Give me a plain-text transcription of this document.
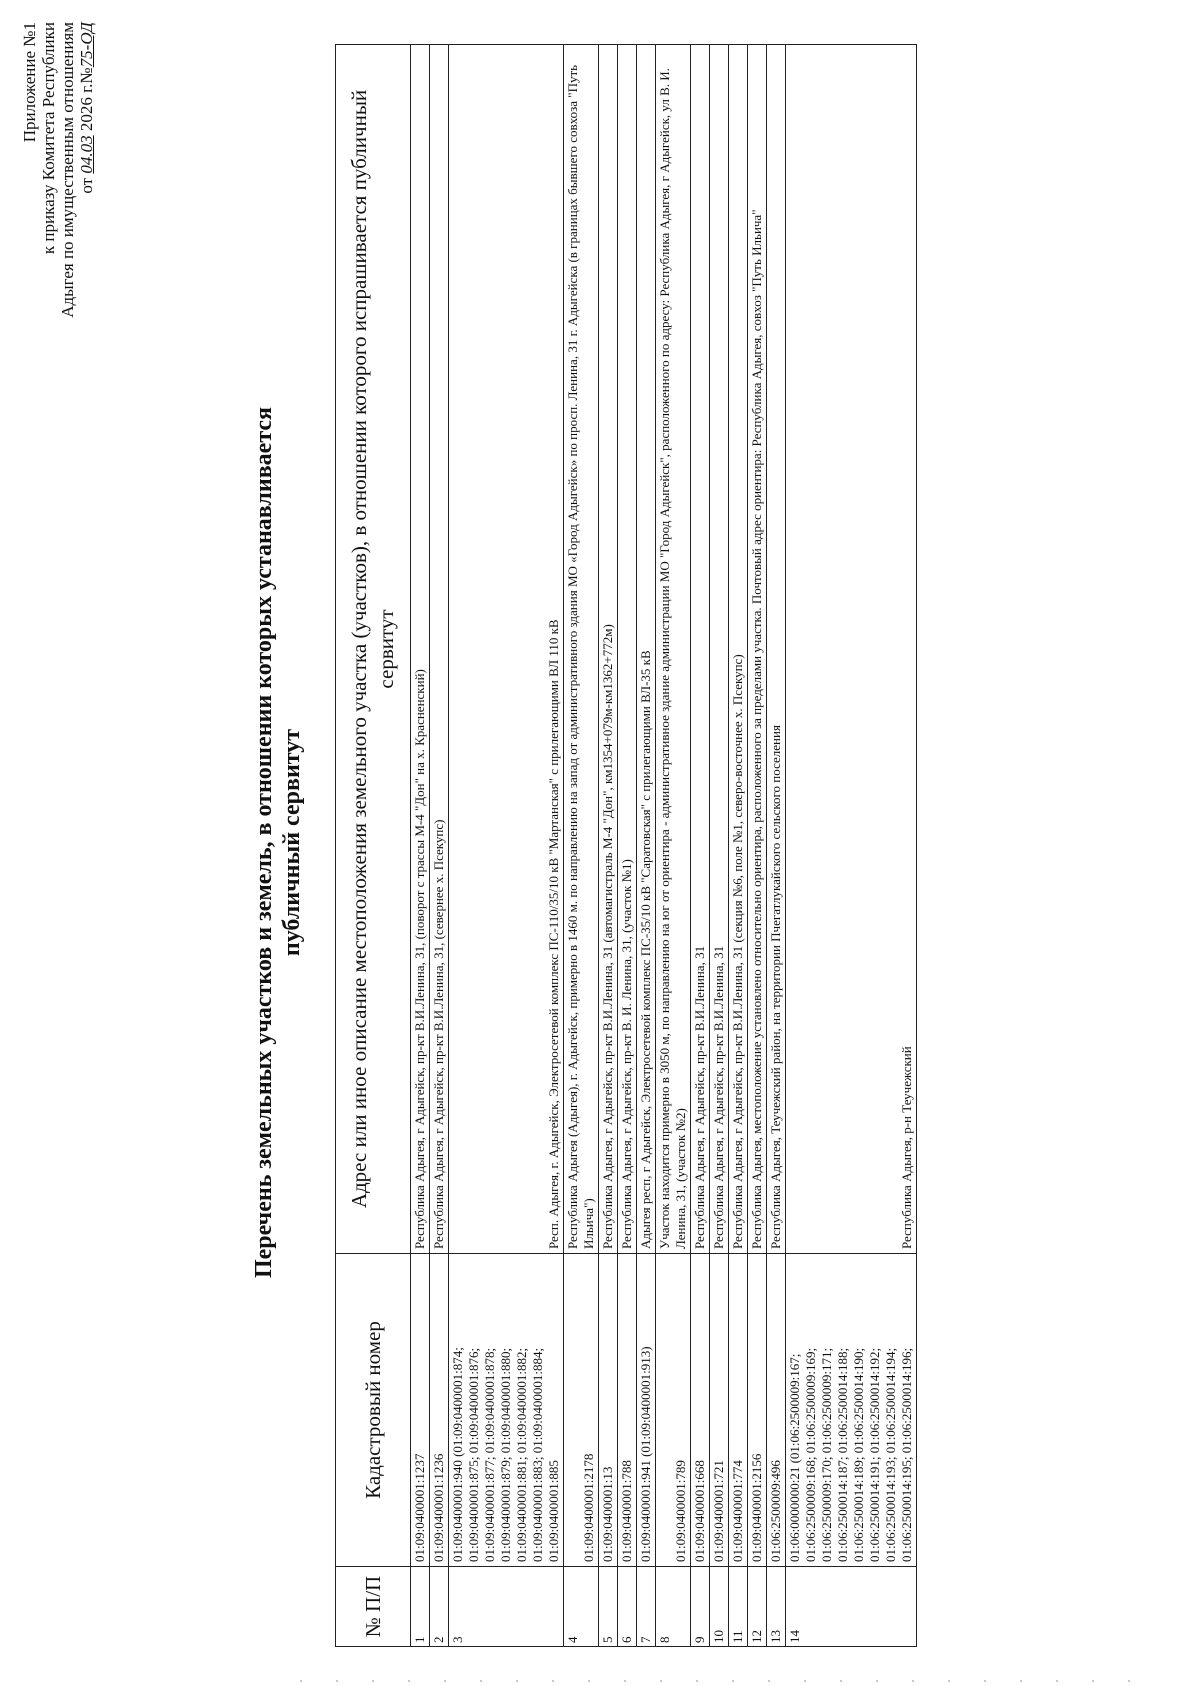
Приложение №1 к приказу Комитета Республики Адыгея по имущественным отношениям от 04.03 2026 г.№75-ОД
Перечень земельных участков и земель, в отношении которых устанавливается публичный сервитут
№ П/П	Кадастровый номер	Адрес или иное описание местоположения земельного участка (участков), в отношении которого испрашивается публичный сервитут
1	01:09:0400001:1237	Республика Адыгея, г Адыгейск, пр-кт В.И.Ленина, 31, (поворот с трассы М-4 "Дон" на х. Красненский)
2	01:09:0400001:1236	Республика Адыгея, г Адыгейск, пр-кт В.И.Ленина, 31, (севернее х. Псекупс)
3	01:09:0400001:940 (01:09:0400001:874; 01:09:0400001:875; 01:09:0400001:876; 01:09:0400001:877; 01:09:0400001:878; 01:09:0400001:879; 01:09:0400001:880; 01:09:0400001:881; 01:09:0400001:882; 01:09:0400001:883; 01:09:0400001:884; 01:09:0400001:885	Респ. Адыгея, г. Адыгейск, Электросетевой комплекс ПС-110/35/10 кВ "Мартанская" с прилегающими ВЛ 110 кВ
4	01:09:0400001:2178	Республика Адыгея (Адыгея), г. Адыгейск, примерно в 1460 м. по направлению на запад от административного здания МО «Город Адыгейск» по просп. Ленина, 31 г. Адыгейска (в границах бывшего совхоза "Путь Ильича")
5	01:09:0400001:13	Республика Адыгея, г Адыгейск, пр-кт В.И.Ленина, 31 (автомагистраль М-4 "Дон", км1354+079м-км1362+772м)
6	01:09:0400001:788	Республика Адыгея, г Адыгейск, пр-кт В. И. Ленина, 31, (участок №1)
7	01:09:0400001:941 (01:09:0400001:913)	Адыгея респ, г Адыгейск, Электросетевой комплекс ПС-35/10 кВ "Саратовская" с прилегающими ВЛ-35 кВ
8	01:09:0400001:789	Участок находится примерно в 3050 м, по направлению на юг от ориентира - административное здание администрации МО "Город Адыгейск", расположенного по адресу: Республика Адыгея, г Адыгейск, ул В. И. Ленина, 31, (участок №2)
9	01:09:0400001:668	Республика Адыгея, г Адыгейск, пр-кт В.И.Ленина, 31
10	01:09:0400001:721	Республика Адыгея, г Адыгейск, пр-кт В.И.Ленина, 31
11	01:09:0400001:774	Республика Адыгея, г Адыгейск, пр-кт В.И.Ленина, 31 (секция №6, поле №1, северо-восточнее х. Псекупс)
12	01:09:0400001:2156	Республика Адыгея, местоположение установлено относительно ориентира, расположенного за пределами участка. Почтовый адрес ориентира: Республика Адыгея, совхоз "Путь Ильича"
13	01:06:2500009:496	Республика Адыгея, Теучежский район, на территории Пчегатлукайского сельского поселения
14	01:06:0000000:21 (01:06:2500009:167; 01:06:2500009:168; 01:06:2500009:169; 01:06:2500009:170; 01:06:2500009:171; 01:06:2500014:187; 01:06:2500014:188; 01:06:2500014:189; 01:06:2500014:190; 01:06:2500014:191; 01:06:2500014:192; 01:06:2500014:193; 01:06:2500014:194; 01:06:2500014:195; 01:06:2500014:196;	Республика Адыгея, р-н Теучежский
